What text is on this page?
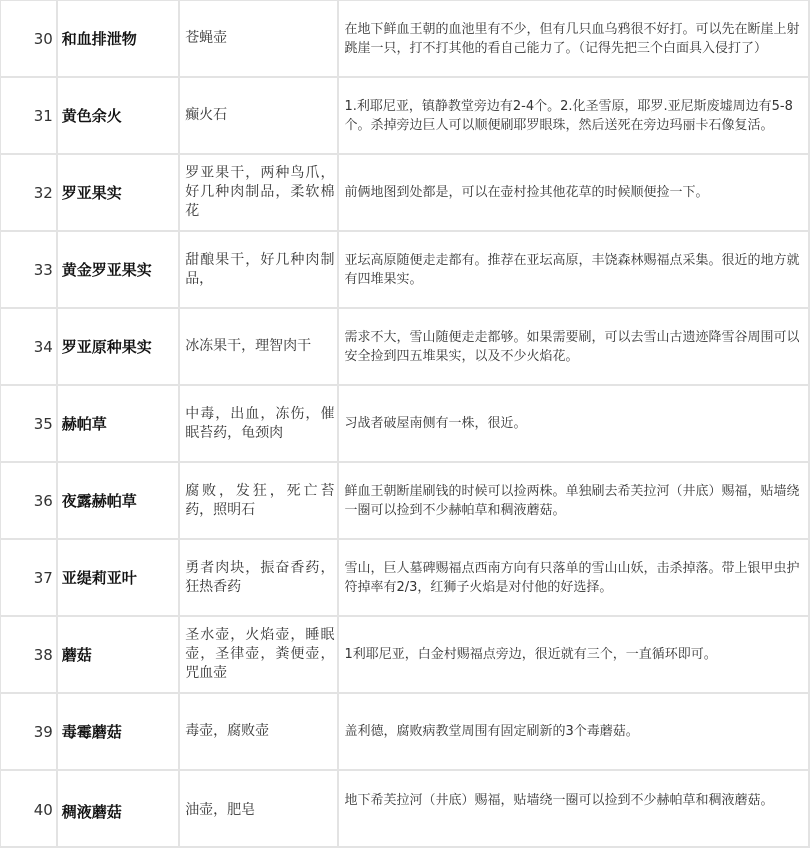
30	和血排泄物	苍蝇壶	在地下鲜血王朝的血池里有不少，但有几只血乌鸦很不好打。可以先在断崖上射跳崖一只，打不打其他的看自己能力了。（记得先把三个白面具入侵打了）
31	黄色余火	癫火石	1.利耶尼亚，镇静教堂旁边有2-4个。2.化圣雪原，耶罗.亚尼斯废墟周边有5-8个。杀掉旁边巨人可以顺便刷耶罗眼珠，然后送死在旁边玛丽卡石像复活。
32	罗亚果实	罗亚果干，两种鸟爪，好几种肉制品，柔软棉花	前俩地图到处都是，可以在壶村捡其他花草的时候顺便捡一下。
33	黄金罗亚果实	甜酿果干，好几种肉制品，	亚坛高原随便走走都有。推荐在亚坛高原，丰饶森林赐福点采集。很近的地方就有四堆果实。
34	罗亚原种果实	冰冻果干，理智肉干	需求不大，雪山随便走走都够。如果需要刷，可以去雪山古遗迹降雪谷周围可以安全捡到四五堆果实，以及不少火焰花。
35	赫帕草	中毒，出血，冻伤，催眠苔药，龟颈肉	习战者破屋南侧有一株，很近。
36	夜露赫帕草	腐败，发狂，死亡苔药，照明石	鲜血王朝断崖刷钱的时候可以捡两株。单独刷去希芙拉河（井底）赐福，贴墙绕一圈可以捡到不少赫帕草和稠液蘑菇。
37	亚缇莉亚叶	勇者肉块，振奋香药，狂热香药	雪山，巨人墓碑赐福点西南方向有只落单的雪山山妖，击杀掉落。带上银甲虫护符掉率有2/3，红狮子火焰是对付他的好选择。
38	蘑菇	圣水壶，火焰壶，睡眠壶，圣律壶，粪便壶，咒血壶	1利耶尼亚，白金村赐福点旁边，很近就有三个，一直循环即可。
39	毒霉蘑菇	毒壶，腐败壶	盖利德，腐败病教堂周围有固定刷新的3个毒蘑菇。
40	稠液蘑菇	油壶，肥皂	地下希芙拉河（井底）赐福，贴墙绕一圈可以捡到不少赫帕草和稠液蘑菇。
